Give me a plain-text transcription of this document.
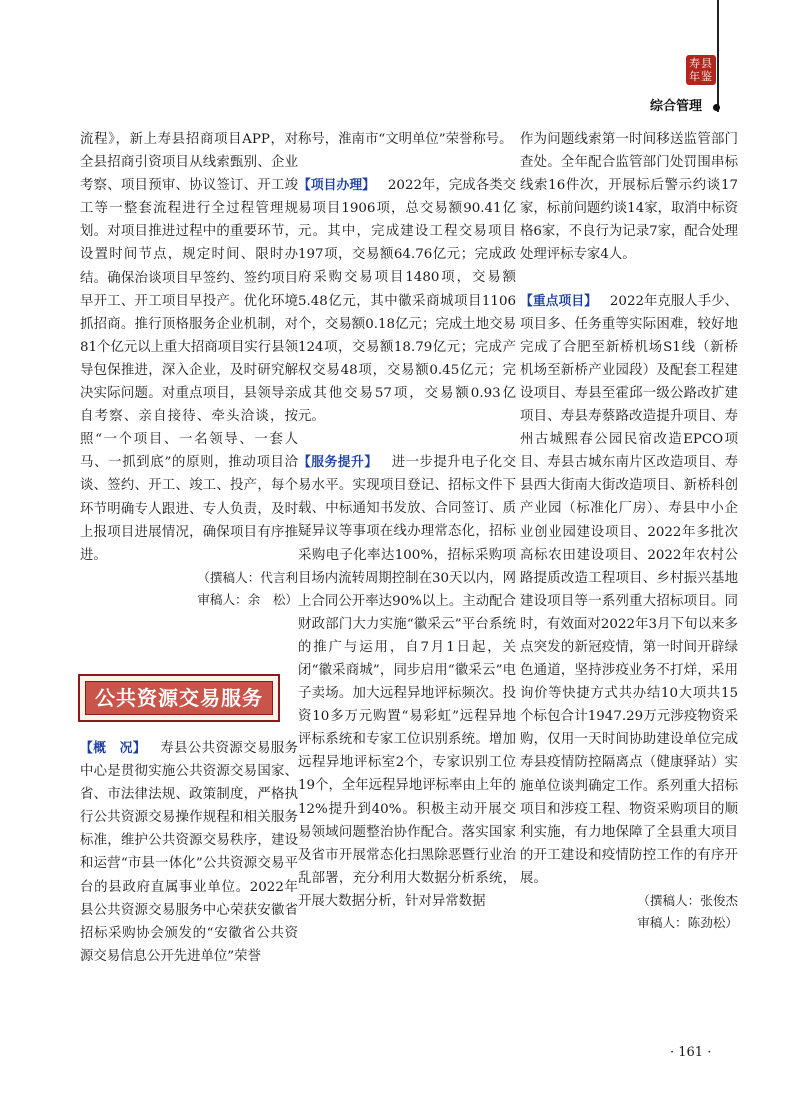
寿县年鉴
综合管理

流程》，新上寿县招商项目APP，对全县招商引资项目从线索甄别、企业考察、项目预审、协议签订、开工竣工等一整套流程进行全过程管理规划。对项目推进过程中的重要环节，设置时间节点，规定时间、限时办结。确保治谈项目早签约、签约项目早开工、开工项目早投产。优化环境抓招商。推行顶格服务企业机制，对81个亿元以上重大招商项目实行县领导包保推进，深入企业，及时研究解决实际问题。对重点项目，县领导亲自考察、亲自接待、牵头洽谈，按照“一个项目、一名领导、一套人马、一抓到底”的原则，推动项目洽谈、签约、开工、竣工、投产，每个环节明确专人跟进、专人负责，及时上报项目进展情况，确保项目有序推进。

（撰稿人：代言利
审稿人：余　松）
公共资源交易服务

【概　况】 寿县公共资源交易服务中心是贯彻实施公共资源交易国家、省、市法律法规、政策制度，严格执行公共资源交易操作规程和相关服务标准，维护公共资源交易秩序，建设和运营“市县一体化”公共资源交易平台的县政府直属事业单位。2022年县公共资源交易服务中心荣获安徽省招标采购协会颁发的“安徽省公共资源交易信息公开先进单位”荣誉

称号，淮南市“文明单位”荣誉称号。

【项目办理】 2022年，完成各类交易项目1906项，总交易额90.41亿元。其中，完成建设工程交易项目197项，交易额64.76亿元；完成政府采购交易项目1480项，交易额5.48亿元，其中徽采商城项目1106个，交易额0.18亿元；完成土地交易124项，交易额18.79亿元；完成产权交易48项，交易额0.45亿元；完成其他交易57项，交易额0.93亿元。

【服务提升】 进一步提升电子化交易水平。实现项目登记、招标文件下载、中标通知书发放、合同签订、质疑异议等事项在线办理常态化，招标采购电子化率达100%，招标采购项目场内流转周期控制在30天以内，网上合同公开率达90%以上。主动配合财政部门大力实施“徽采云”平台系统的推广与运用，自7月1日起，关闭“徽采商城”，同步启用“徽采云”电子卖场。加大远程异地评标频次。投资10多万元购置“易彩虹”远程异地评标系统和专家工位识别系统。增加远程异地评标室2个，专家识别工位19个，全年远程异地评标率由上年的12%提升到40%。积极主动开展交易领域问题整治协作配合。落实国家及省市开展常态化扫黑除恶暨行业治乱部署，充分利用大数据分析系统，开展大数据分析，针对异常数据

作为问题线索第一时间移送监管部门查处。全年配合监管部门处罚围串标线索16件次，开展标后警示约谈17家，标前问题约谈14家，取消中标资格6家，不良行为记录7家，配合处理处理评标专家4人。

【重点项目】 2022年克服人手少、项目多、任务重等实际困难，较好地完成了合肥至新桥机场S1线（新桥机场至新桥产业园段）及配套工程建设项目、寿县至霍邱一级公路改扩建项目、寿县寿蔡路改造提升项目、寿州古城熙春公园民宿改造EPCO项目、寿县古城东南片区改造项目、寿县西大街南大街改造项目、新桥科创产业园（标准化厂房）、寿县中小企业创业园建设项目、2022年多批次高标农田建设项目、2022年农村公路提质改造工程项目、乡村振兴基地建设项目等一系列重大招标项目。同时，有效面对2022年3月下旬以来多点突发的新冠疫情，第一时间开辟绿色通道，坚持涉疫业务不打烊，采用询价等快捷方式共办结10大项共15个标包合计1947.29万元涉疫物资采购，仅用一天时间协助建设单位完成寿县疫情防控隔离点（健康驿站）实施单位谈判确定工作。系列重大招标项目和涉疫工程、物资采购项目的顺利实施，有力地保障了全县重大项目的开工建设和疫情防控工作的有序开展。

（撰稿人：张俊杰
审稿人：陈劲松）
· 161 ·
